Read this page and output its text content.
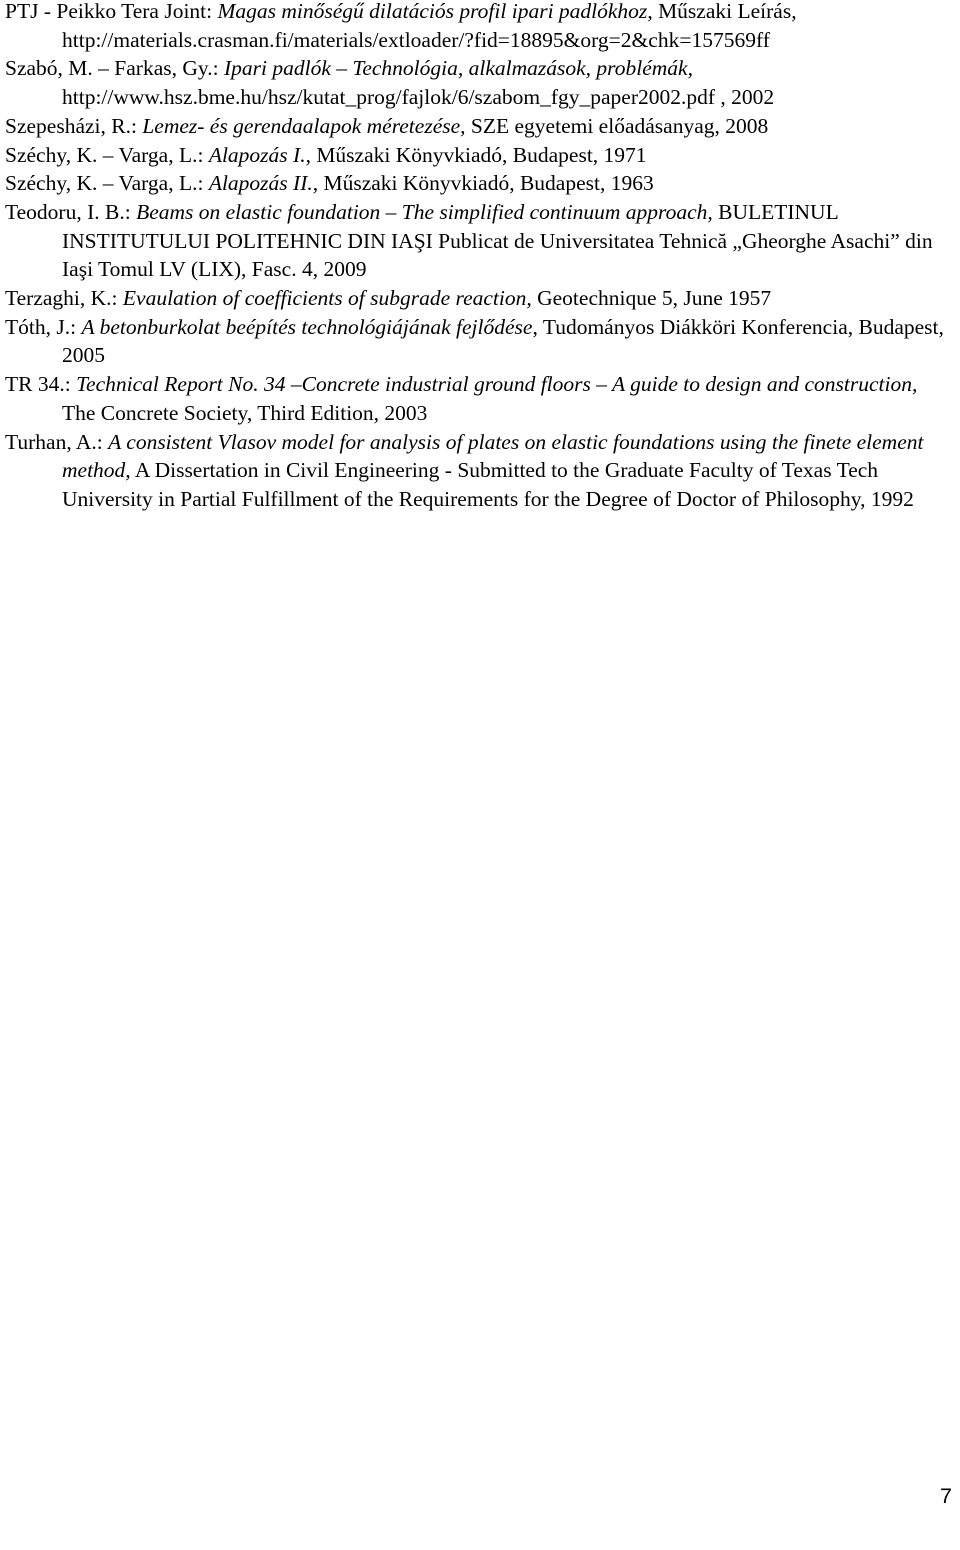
PTJ - Peikko Tera Joint: Magas minőségű dilatációs profil ipari padlókhoz, Műszaki Leírás, http://materials.crasman.fi/materials/extloader/?fid=18895&org=2&chk=157569ff

Szabó, M. – Farkas, Gy.: Ipari padlók – Technológia, alkalmazások, problémák, http://www.hsz.bme.hu/hsz/kutat_prog/fajlok/6/szabom_fgy_paper2002.pdf , 2002

Szepesházi, R.: Lemez- és gerendaalapok méretezése, SZE egyetemi előadásanyag, 2008

Széchy, K. – Varga, L.: Alapozás I., Műszaki Könyvkiadó, Budapest, 1971

Széchy, K. – Varga, L.: Alapozás II., Műszaki Könyvkiadó, Budapest, 1963

Teodoru, I. B.: Beams on elastic foundation – The simplified continuum approach, BULETINUL INSTITUTULUI POLITEHNIC DIN IAŞI Publicat de Universitatea Tehnică „Gheorghe Asachi” din Iaşi Tomul LV (LIX), Fasc. 4, 2009

Terzaghi, K.: Evaulation of coefficients of subgrade reaction, Geotechnique 5, June 1957

Tóth, J.: A betonburkolat beépítés technológiájának fejlődése, Tudományos Diákköri Konferencia, Budapest, 2005

TR 34.: Technical Report No. 34 –Concrete industrial ground floors – A guide to design and construction, The Concrete Society, Third Edition, 2003

Turhan, A.: A consistent Vlasov model for analysis of plates on elastic foundations using the finete element method, A Dissertation in Civil Engineering - Submitted to the Graduate Faculty of Texas Tech University in Partial Fulfillment of the Requirements for the Degree of Doctor of Philosophy, 1992

7
